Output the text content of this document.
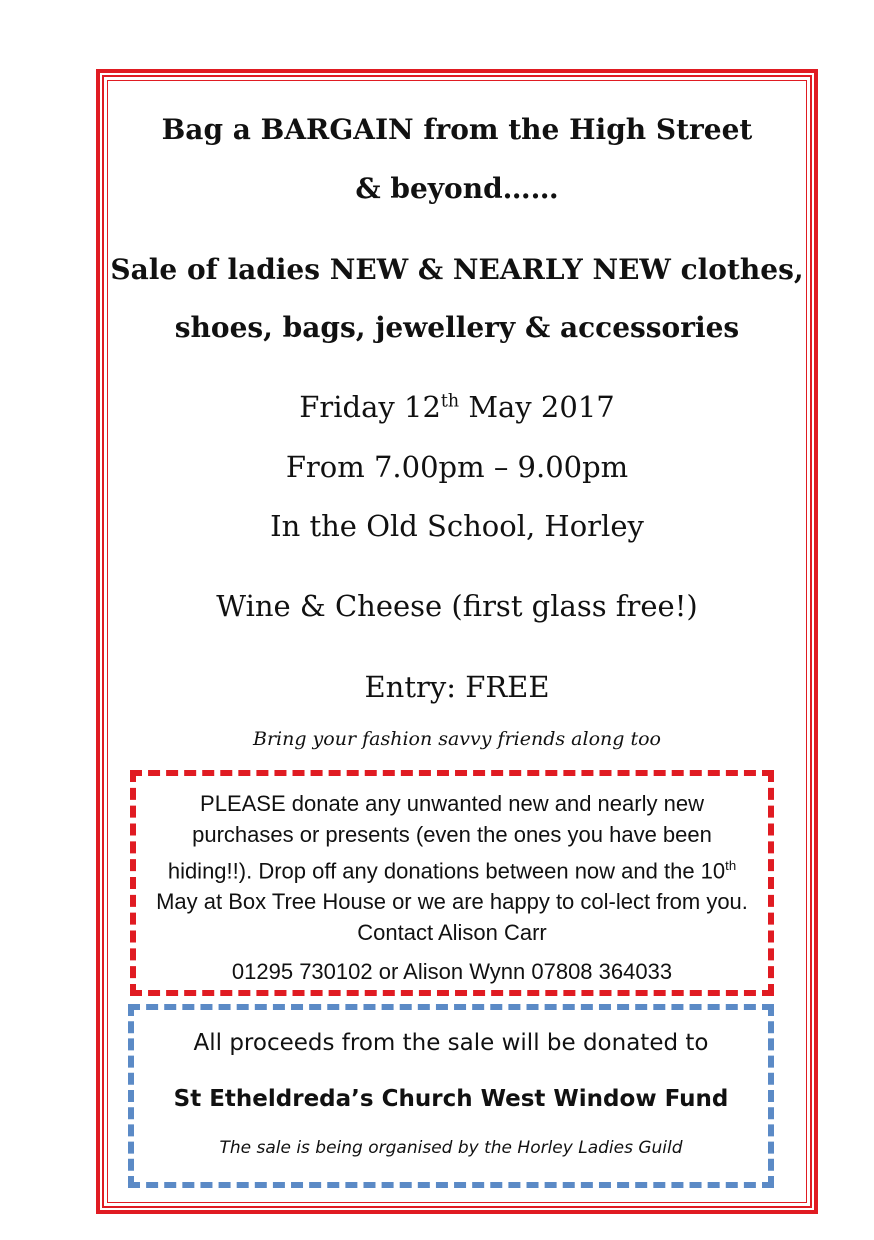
Bag a BARGAIN from the High Street
& beyond……
Sale of ladies NEW & NEARLY NEW clothes,
shoes, bags, jewellery & accessories
Friday 12th May 2017
From 7.00pm – 9.00pm
In the Old School, Horley
Wine & Cheese (first glass free!)
Entry: FREE
Bring your fashion savvy friends along too
PLEASE donate any unwanted new and nearly new purchases or presents (even the ones you have been hiding!!). Drop off any donations between now and the 10th May at Box Tree House or we are happy to col-lect from you. Contact Alison Carr
01295 730102 or Alison Wynn 07808 364033
All proceeds from the sale will be donated to
St Etheldreda’s Church West Window Fund
The sale is being organised by the Horley Ladies Guild
